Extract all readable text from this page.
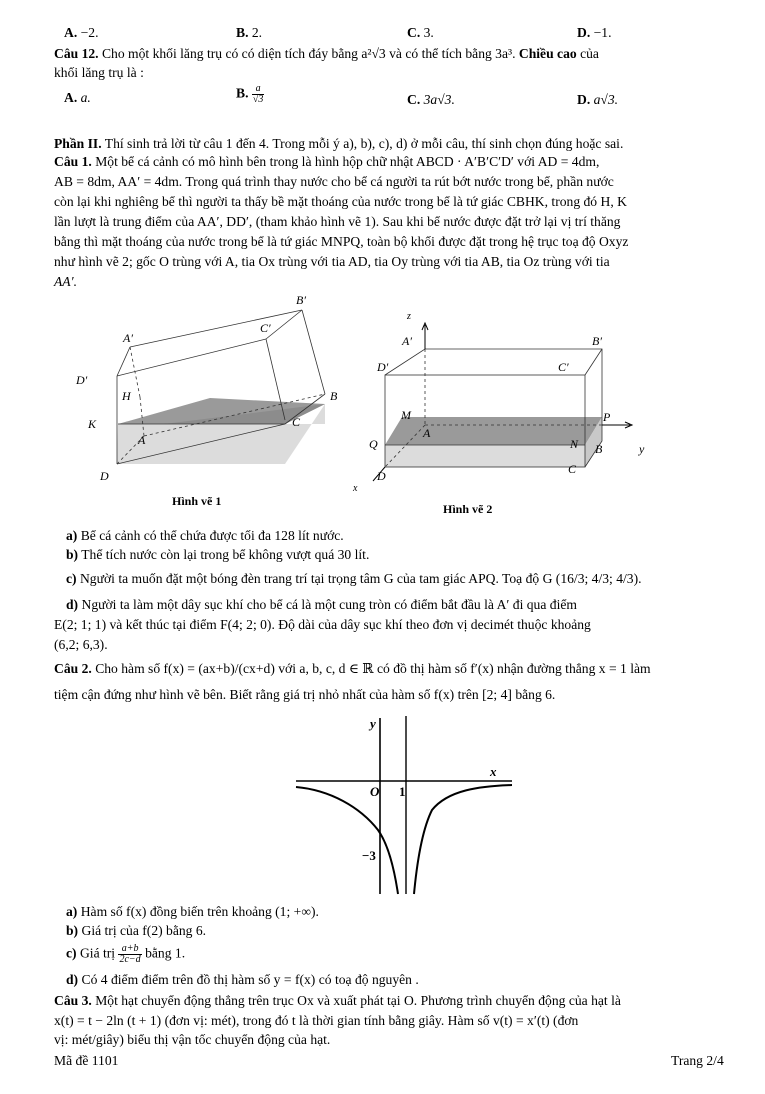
A. −2.	B. 2.	C. 3.	D. −1.
Câu 12. Cho một khối lăng trụ có có diện tích đáy bằng a²√3 và có thể tích bằng 3a³. Chiều cao của
khối lăng trụ là :
A. a.	B. $\frac{a}{√3}$	C. 3a√3.	D. a√3.
Phần II. Thí sinh trả lời từ câu 1 đến 4. Trong mỗi ý a), b), c), d) ở mỗi câu, thí sinh chọn đúng hoặc sai.
Câu 1. Một bể cá cảnh có mô hình bên trong là hình hộp chữ nhật ABCD · A′B′C′D′ với AD = 4dm,
AB = 8dm, AA′ = 4dm. Trong quá trình thay nước cho bể cá người ta rút bớt nước trong bể, phần nước
còn lại khi nghiêng bể thì người ta thấy bề mặt thoáng của nước trong bể là tứ giác CBHK, trong đó H, K
lần lượt là trung điểm của AA′, DD′, (tham khảo hình vẽ 1). Sau khi bể nước được đặt trở lại vị trí thăng
bằng thì mặt thoáng của nước trong bể là tứ giác MNPQ, toàn bộ khối được đặt trong hệ trục toạ độ Oxyz
như hình vẽ 2; gốc O trùng với A, tia Ox trùng với tia AD, tia Oy trùng với tia AB, tia Oz trùng với tia
AA′.
B′
C′
A′
D′
H	B
K	C
A
D
Hình vẽ 1
z
A′	B′
D′	C′
M	P
A
Q	N B	y
D	C
x
Hình vẽ 2
a) Bể cá cảnh có thể chứa được tối đa 128 lít nước.
b) Thể tích nước còn lại trong bể không vượt quá 30 lít.
c) Người ta muốn đặt một bóng đèn trang trí tại trọng tâm G của tam giác APQ. Toạ độ G (16/3; 4/3; 4/3).
d) Người ta làm một dây sục khí cho bể cá là một cung tròn có điểm bắt đầu là A′ đi qua điểm
E(2; 1; 1) và kết thúc tại điểm F(4; 2; 0). Độ dài của dây sục khí theo đơn vị decimét thuộc khoảng
(6,2; 6,3).
Câu 2. Cho hàm số f(x) = (ax+b)/(cx+d) với a, b, c, d ∈ ℝ có đồ thị hàm số f′(x) nhận đường thẳng x = 1 làm
tiệm cận đứng như hình vẽ bên. Biết rằng giá trị nhỏ nhất của hàm số f(x) trên [2; 4] bằng 6.
y
x
O 1
−3
a) Hàm số f(x) đồng biến trên khoảng (1; +∞).
b) Giá trị của f(2) bằng 6.
c) Giá trị $\frac{a+b}{2c-d}$ bằng 1.
d) Có 4 điểm điểm trên đồ thị hàm số y = f(x) có toạ độ nguyên .
Câu 3. Một hạt chuyển động thẳng trên trục Ox và xuất phát tại O. Phương trình chuyển động của hạt là
x(t) = t − 2ln (t + 1) (đơn vị: mét), trong đó t là thời gian tính bằng giây. Hàm số v(t) = x′(t) (đơn
vị: mét/giây) biểu thị vận tốc chuyển động của hạt.
Mã đề 1101	Trang 2/4
